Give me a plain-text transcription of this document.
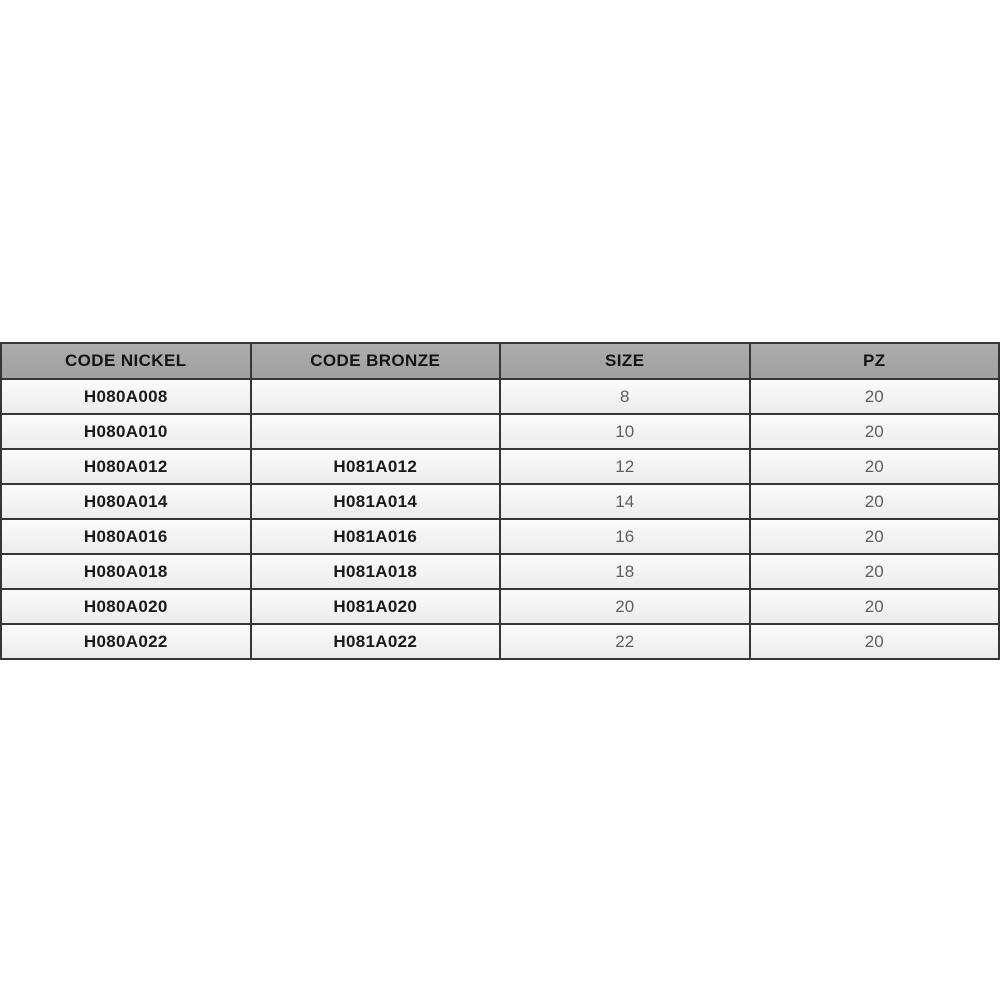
CODE NICKEL	CODE BRONZE	SIZE	PZ
H080A008		8	20
H080A010		10	20
H080A012	H081A012	12	20
H080A014	H081A014	14	20
H080A016	H081A016	16	20
H080A018	H081A018	18	20
H080A020	H081A020	20	20
H080A022	H081A022	22	20
